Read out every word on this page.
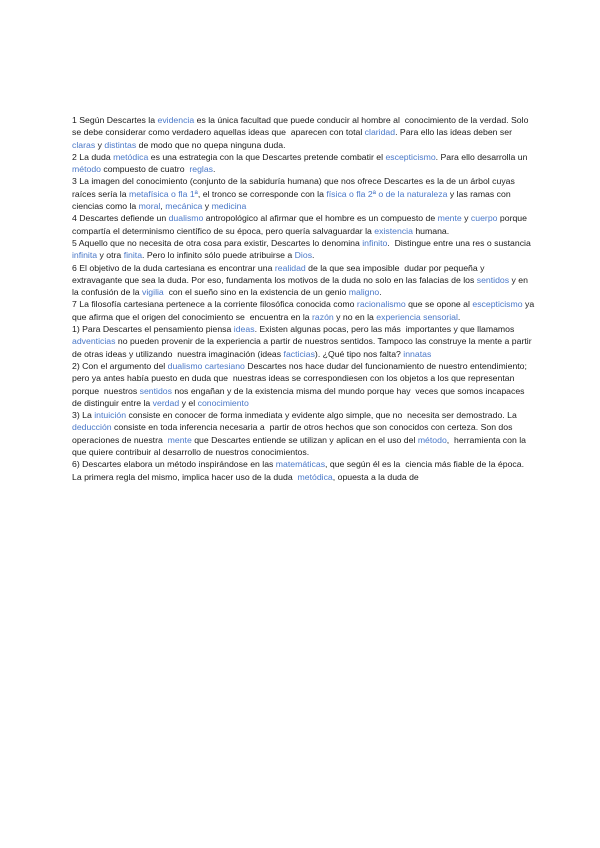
1 Según Descartes la evidencia es la única facultad que puede conducir al hombre al  conocimiento de la verdad. Solo se debe considerar como verdadero aquellas ideas que  aparecen con total claridad. Para ello las ideas deben ser claras y distintas de modo que no quepa ninguna duda.
2 La duda metódica es una estrategia con la que Descartes pretende combatir el escepticismo. Para ello desarrolla un método compuesto de cuatro  reglas.
3 La imagen del conocimiento (conjunto de la sabiduría humana) que nos ofrece Descartes es la de un árbol cuyas raíces sería la metafísica o fla 1ª, el tronco se corresponde con la física o fla 2ª o de la naturaleza y las ramas con ciencias como la moral, mecánica y medicina
4 Descartes defiende un dualismo antropológico al afirmar que el hombre es un compuesto de mente y cuerpo porque compartía el determinismo científico de su época, pero quería salvaguardar la existencia humana.
5 Aquello que no necesita de otra cosa para existir, Descartes lo denomina infinito.  Distingue entre una res o sustancia infinita y otra finita. Pero lo infinito sólo puede atribuirse a Dios.
6 El objetivo de la duda cartesiana es encontrar una realidad de la que sea imposible  dudar por pequeña y extravagante que sea la duda. Por eso, fundamenta los motivos de la duda no solo en las falacias de los sentidos y en la confusión de la vigilia  con el sueño sino en la existencia de un genio maligno.
7 La filosofía cartesiana pertenece a la corriente filosófica conocida como racionalismo que se opone al escepticismo ya que afirma que el origen del conocimiento se  encuentra en la razón y no en la experiencia sensorial.
1) Para Descartes el pensamiento piensa ideas. Existen algunas pocas, pero las más  importantes y que llamamos adventicias no pueden provenir de la experiencia a partir de nuestros sentidos. Tampoco las construye la mente a partir de otras ideas y utilizando  nuestra imaginación (ideas facticias). ¿Qué tipo nos falta? innatas
2) Con el argumento del dualismo cartesiano Descartes nos hace dudar del funcionamiento de nuestro entendimiento; pero ya antes había puesto en duda que  nuestras ideas se correspondiesen con los objetos a los que representan porque  nuestros sentidos nos engañan y de la existencia misma del mundo porque hay  veces que somos incapaces de distinguir entre la verdad y el conocimiento
3) La intuición consiste en conocer de forma inmediata y evidente algo simple, que no  necesita ser demostrado. La deducción consiste en toda inferencia necesaria a  partir de otros hechos que son conocidos con certeza. Son dos operaciones de nuestra  mente que Descartes entiende se utilizan y aplican en el uso del método,  herramienta con la que quiere contribuir al desarrollo de nuestros conocimientos.
6) Descartes elabora un método inspirándose en las matemáticas, que según él es la  ciencia más fiable de la época. La primera regla del mismo, implica hacer uso de la duda  metódica, opuesta a la duda de
